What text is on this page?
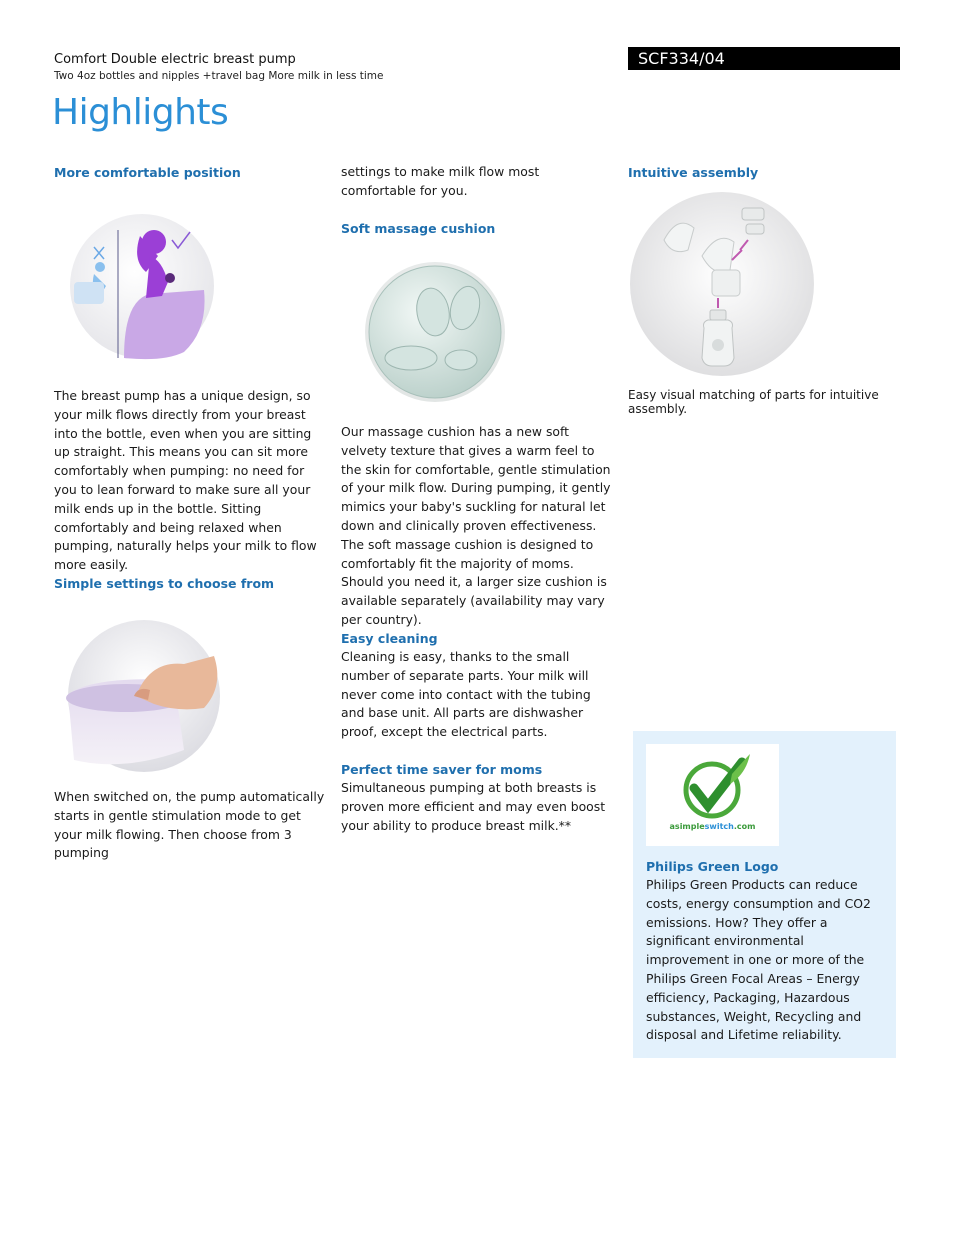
Comfort Double electric breast pump
Two 4oz bottles and nipples +travel bag More milk in less time
SCF334/04
Highlights

More comfortable position

The breast pump has a unique design, so your milk flows directly from your breast into the bottle, even when you are sitting up straight. This means you can sit more comfortably when pumping: no need for you to lean forward to make sure all your milk ends up in the bottle. Sitting comfortably and being relaxed when pumping, naturally helps your milk to flow more easily.

Simple settings to choose from

When switched on, the pump automatically starts in gentle stimulation mode to get your milk flowing. Then choose from 3 pumping

settings to make milk flow most comfortable for you.

Soft massage cushion

Our massage cushion has a new soft velvety texture that gives a warm feel to the skin for comfortable, gentle stimulation of your milk flow. During pumping, it gently mimics your baby's suckling for natural let down and clinically proven effectiveness. The soft massage cushion is designed to comfortably fit the majority of moms. Should you need it, a larger size cushion is available separately (availability may vary per country).

Easy cleaning

Cleaning is easy, thanks to the small number of separate parts. Your milk will never come into contact with the tubing and base unit. All parts are dishwasher proof, except the electrical parts.

Perfect time saver for moms

Simultaneous pumping at both breasts is proven more efficient and may even boost your ability to produce breast milk.**

Intuitive assembly

Easy visual matching of parts for intuitive assembly.

asimpleswitch.com

Philips Green Logo

Philips Green Products can reduce costs, energy consumption and CO2 emissions. How? They offer a significant environmental improvement in one or more of the Philips Green Focal Areas – Energy efficiency, Packaging, Hazardous substances, Weight, Recycling and disposal and Lifetime reliability.
